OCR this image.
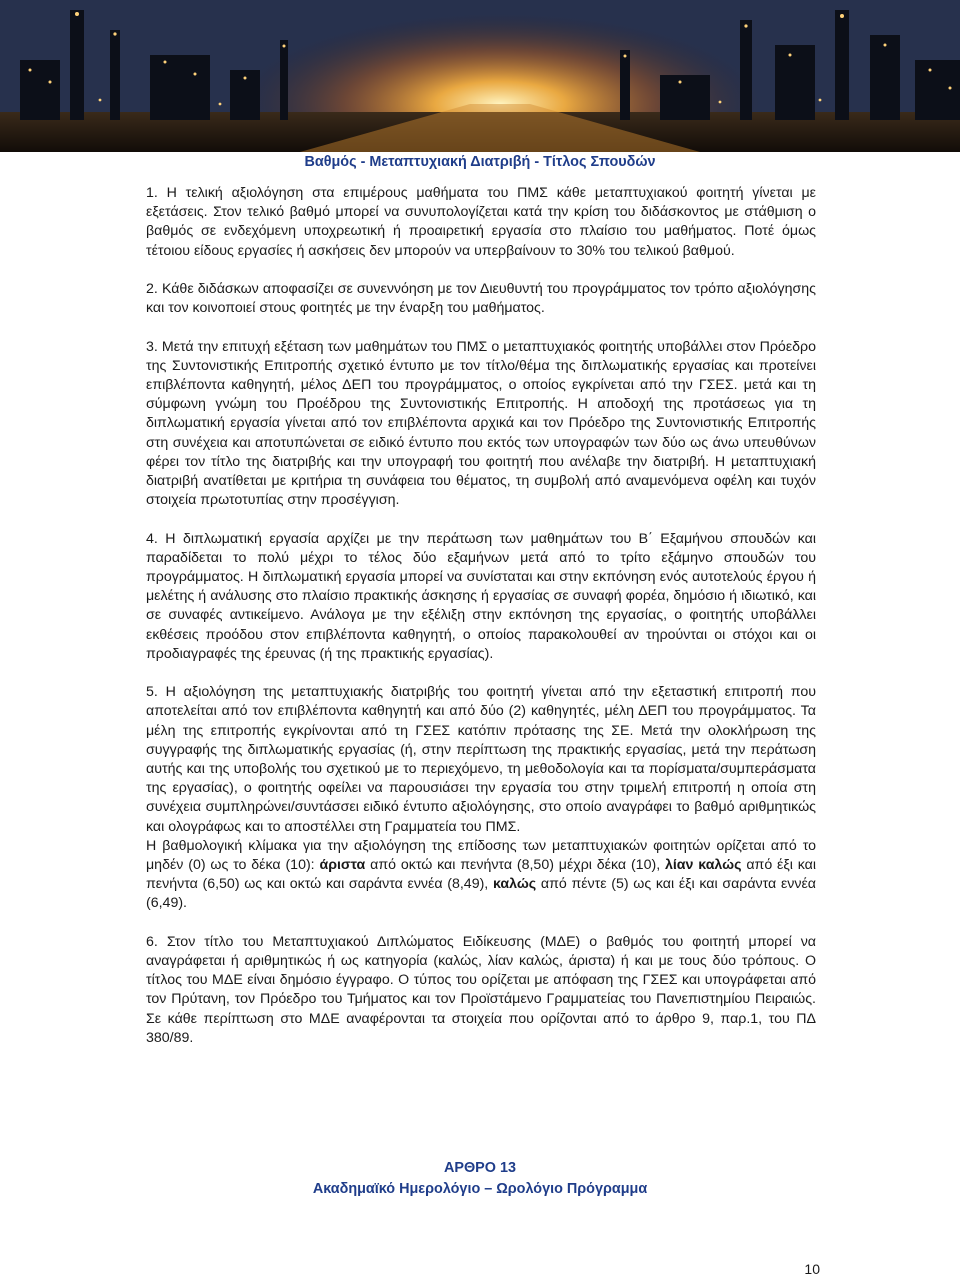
Βαθμός - Μεταπτυχιακή Διατριβή - Τίτλος Σπουδών

1. Η τελική αξιολόγηση στα επιμέρους μαθήματα του ΠΜΣ κάθε μεταπτυχιακού φοιτητή γίνεται με εξετάσεις. Στον τελικό βαθμό μπορεί να συνυπολογίζεται κατά την κρίση του διδάσκοντος με στάθμιση ο βαθμός σε ενδεχόμενη υποχρεωτική ή προαιρετική εργασία στο πλαίσιο του μαθήματος. Ποτέ όμως τέτοιου είδους εργασίες ή ασκήσεις δεν μπορούν να υπερβαίνουν το 30% του τελικού βαθμού.

2. Κάθε διδάσκων αποφασίζει σε συνεννόηση με τον Διευθυντή του προγράμματος τον τρόπο αξιολόγησης και τον κοινοποιεί στους φοιτητές με την έναρξη του μαθήματος.

3. Μετά την επιτυχή εξέταση των μαθημάτων του ΠΜΣ ο μεταπτυχιακός φοιτητής υποβάλλει στον Πρόεδρο της Συντονιστικής Επιτροπής σχετικό έντυπο με τον τίτλο/θέμα της διπλωματικής εργασίας και προτείνει επιβλέποντα καθηγητή, μέλος ΔΕΠ του προγράμματος, ο οποίος εγκρίνεται από την ΓΣΕΣ. μετά και τη σύμφωνη γνώμη του Προέδρου της Συντονιστικής Επιτροπής. Η αποδοχή της προτάσεως για τη διπλωματική εργασία γίνεται από τον επιβλέποντα αρχικά και τον Πρόεδρο της Συντονιστικής Επιτροπής στη συνέχεια και αποτυπώνεται σε ειδικό έντυπο που εκτός των υπογραφών των δύο ως άνω υπευθύνων φέρει τον τίτλο της διατριβής και την υπογραφή του φοιτητή που ανέλαβε την διατριβή. Η μεταπτυχιακή διατριβή ανατίθεται με κριτήρια τη συνάφεια του θέματος, τη συμβολή από αναμενόμενα οφέλη και τυχόν στοιχεία πρωτοτυπίας στην προσέγγιση.

4. Η διπλωματική εργασία αρχίζει με την περάτωση των μαθημάτων του Β΄ Εξαμήνου σπουδών και παραδίδεται το πολύ μέχρι το τέλος δύο εξαμήνων μετά από το τρίτο εξάμηνο σπουδών του προγράμματος. Η διπλωματική εργασία μπορεί να συνίσταται και στην εκπόνηση ενός αυτοτελούς έργου ή μελέτης ή ανάλυσης στο πλαίσιο πρακτικής άσκησης ή εργασίας σε συναφή φορέα, δημόσιο ή ιδιωτικό, και σε συναφές αντικείμενο. Ανάλογα με την εξέλιξη στην εκπόνηση της εργασίας, ο φοιτητής υποβάλλει εκθέσεις προόδου στον επιβλέποντα καθηγητή, ο οποίος παρακολουθεί αν τηρούνται οι στόχοι και οι προδιαγραφές της έρευνας (ή της πρακτικής εργασίας).

5. Η αξιολόγηση της μεταπτυχιακής διατριβής του φοιτητή γίνεται από την εξεταστική επιτροπή που αποτελείται από τον επιβλέποντα καθηγητή και από δύο (2) καθηγητές, μέλη ΔΕΠ του προγράμματος. Τα μέλη της επιτροπής εγκρίνονται από τη ΓΣΕΣ κατόπιν πρότασης της ΣΕ. Μετά την ολοκλήρωση της συγγραφής της διπλωματικής εργασίας (ή, στην περίπτωση της πρακτικής εργασίας, μετά την περάτωση αυτής και της υποβολής του σχετικού με το περιεχόμενο, τη μεθοδολογία και τα πορίσματα/συμπεράσματα της εργασίας), ο φοιτητής οφείλει να παρουσιάσει την εργασία του στην τριμελή επιτροπή η οποία στη συνέχεια συμπληρώνει/συντάσσει ειδικό έντυπο αξιολόγησης, στο οποίο αναγράφει το βαθμό αριθμητικώς και ολογράφως και το αποστέλλει στη Γραμματεία του ΠΜΣ.

Η βαθμολογική κλίμακα για την αξιολόγηση της επίδοσης των μεταπτυχιακών φοιτητών ορίζεται από το μηδέν (0) ως το δέκα (10): άριστα από οκτώ και πενήντα (8,50) μέχρι δέκα (10), λίαν καλώς από έξι και πενήντα (6,50) ως και οκτώ και σαράντα εννέα (8,49), καλώς από πέντε (5) ως και έξι και σαράντα εννέα (6,49).

6. Στον τίτλο του Μεταπτυχιακού Διπλώματος Ειδίκευσης (ΜΔΕ) ο βαθμός του φοιτητή μπορεί να αναγράφεται ή αριθμητικώς ή ως κατηγορία (καλώς, λίαν καλώς, άριστα) ή και με τους δύο τρόπους. Ο τίτλος του ΜΔΕ είναι δημόσιο έγγραφο. Ο τύπος του ορίζεται με απόφαση της ΓΣΕΣ και υπογράφεται από τον Πρύτανη, τον Πρόεδρο του Τμήματος και τον Προϊστάμενο Γραμματείας του Πανεπιστημίου Πειραιώς. Σε κάθε περίπτωση στο ΜΔΕ αναφέρονται τα στοιχεία που ορίζονται από το άρθρο 9, παρ.1, του ΠΔ 380/89.

ΑΡΘΡΟ 13
Ακαδημαϊκό Ημερολόγιο – Ωρολόγιο Πρόγραμμα
10
